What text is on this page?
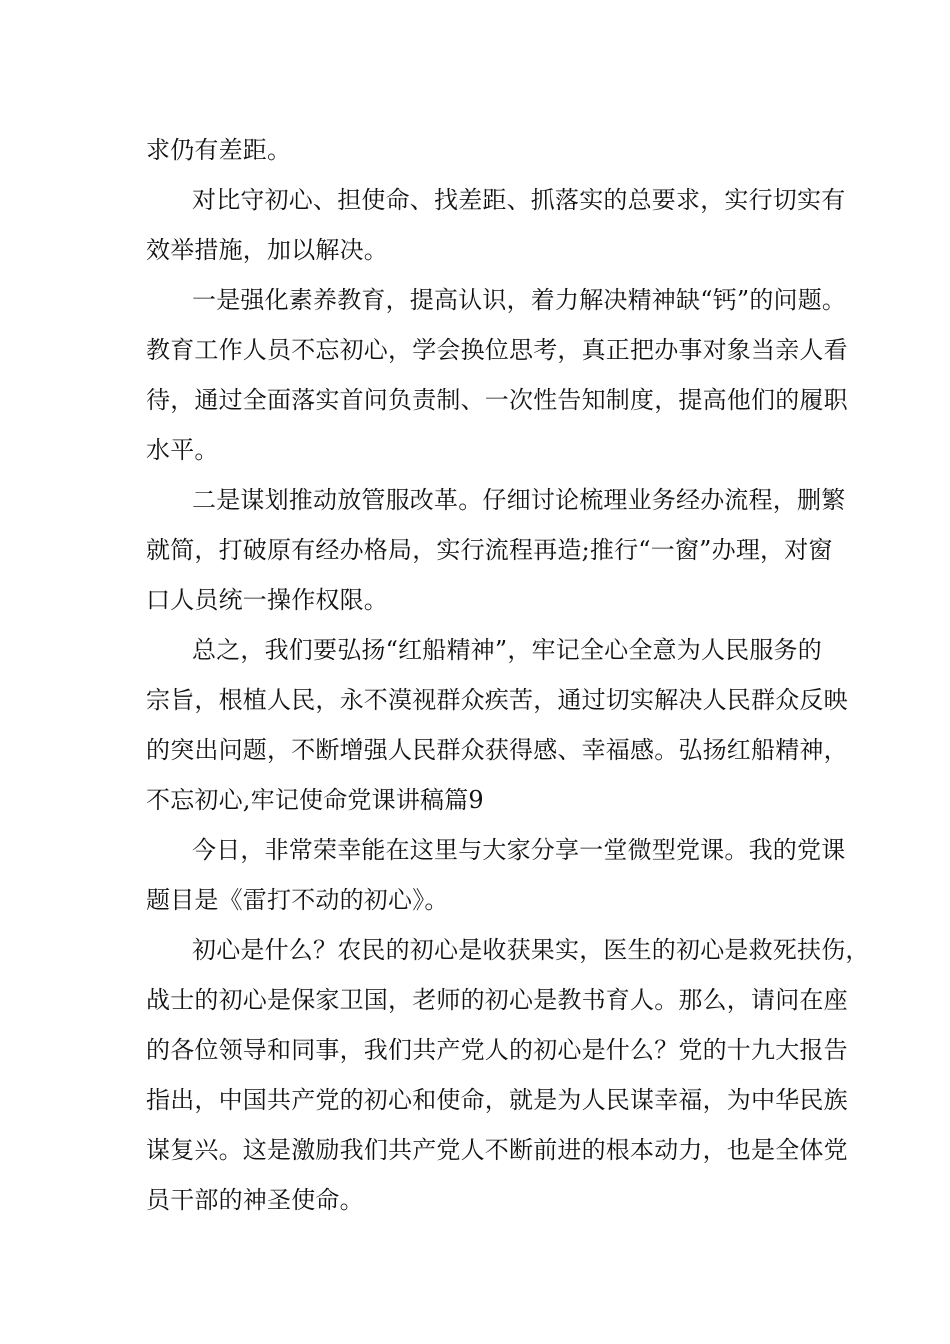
求仍有差距。
对比守初心、担使命、找差距、抓落实的总要求，实行切实有
效举措施，加以解决。
一是强化素养教育，提高认识，着力解决精神缺“钙”的问题。
教育工作人员不忘初心，学会换位思考，真正把办事对象当亲人看
待，通过全面落实首问负责制、一次性告知制度，提高他们的履职
水平。
二是谋划推动放管服改革。仔细讨论梳理业务经办流程，删繁
就简，打破原有经办格局，实行流程再造;推行“一窗”办理，对窗
口人员统一操作权限。
总之，我们要弘扬“红船精神”，牢记全心全意为人民服务的
宗旨，根植人民，永不漠视群众疾苦，通过切实解决人民群众反映
的突出问题，不断增强人民群众获得感、幸福感。弘扬红船精神，
不忘初心,牢记使命党课讲稿篇9
今日，非常荣幸能在这里与大家分享一堂微型党课。我的党课
题目是《雷打不动的初心》。
初心是什么？农民的初心是收获果实，医生的初心是救死扶伤，
战士的初心是保家卫国，老师的初心是教书育人。那么，请问在座
的各位领导和同事，我们共产党人的初心是什么？党的十九大报告
指出，中国共产党的初心和使命，就是为人民谋幸福，为中华民族
谋复兴。这是激励我们共产党人不断前进的根本动力，也是全体党
员干部的神圣使命。
